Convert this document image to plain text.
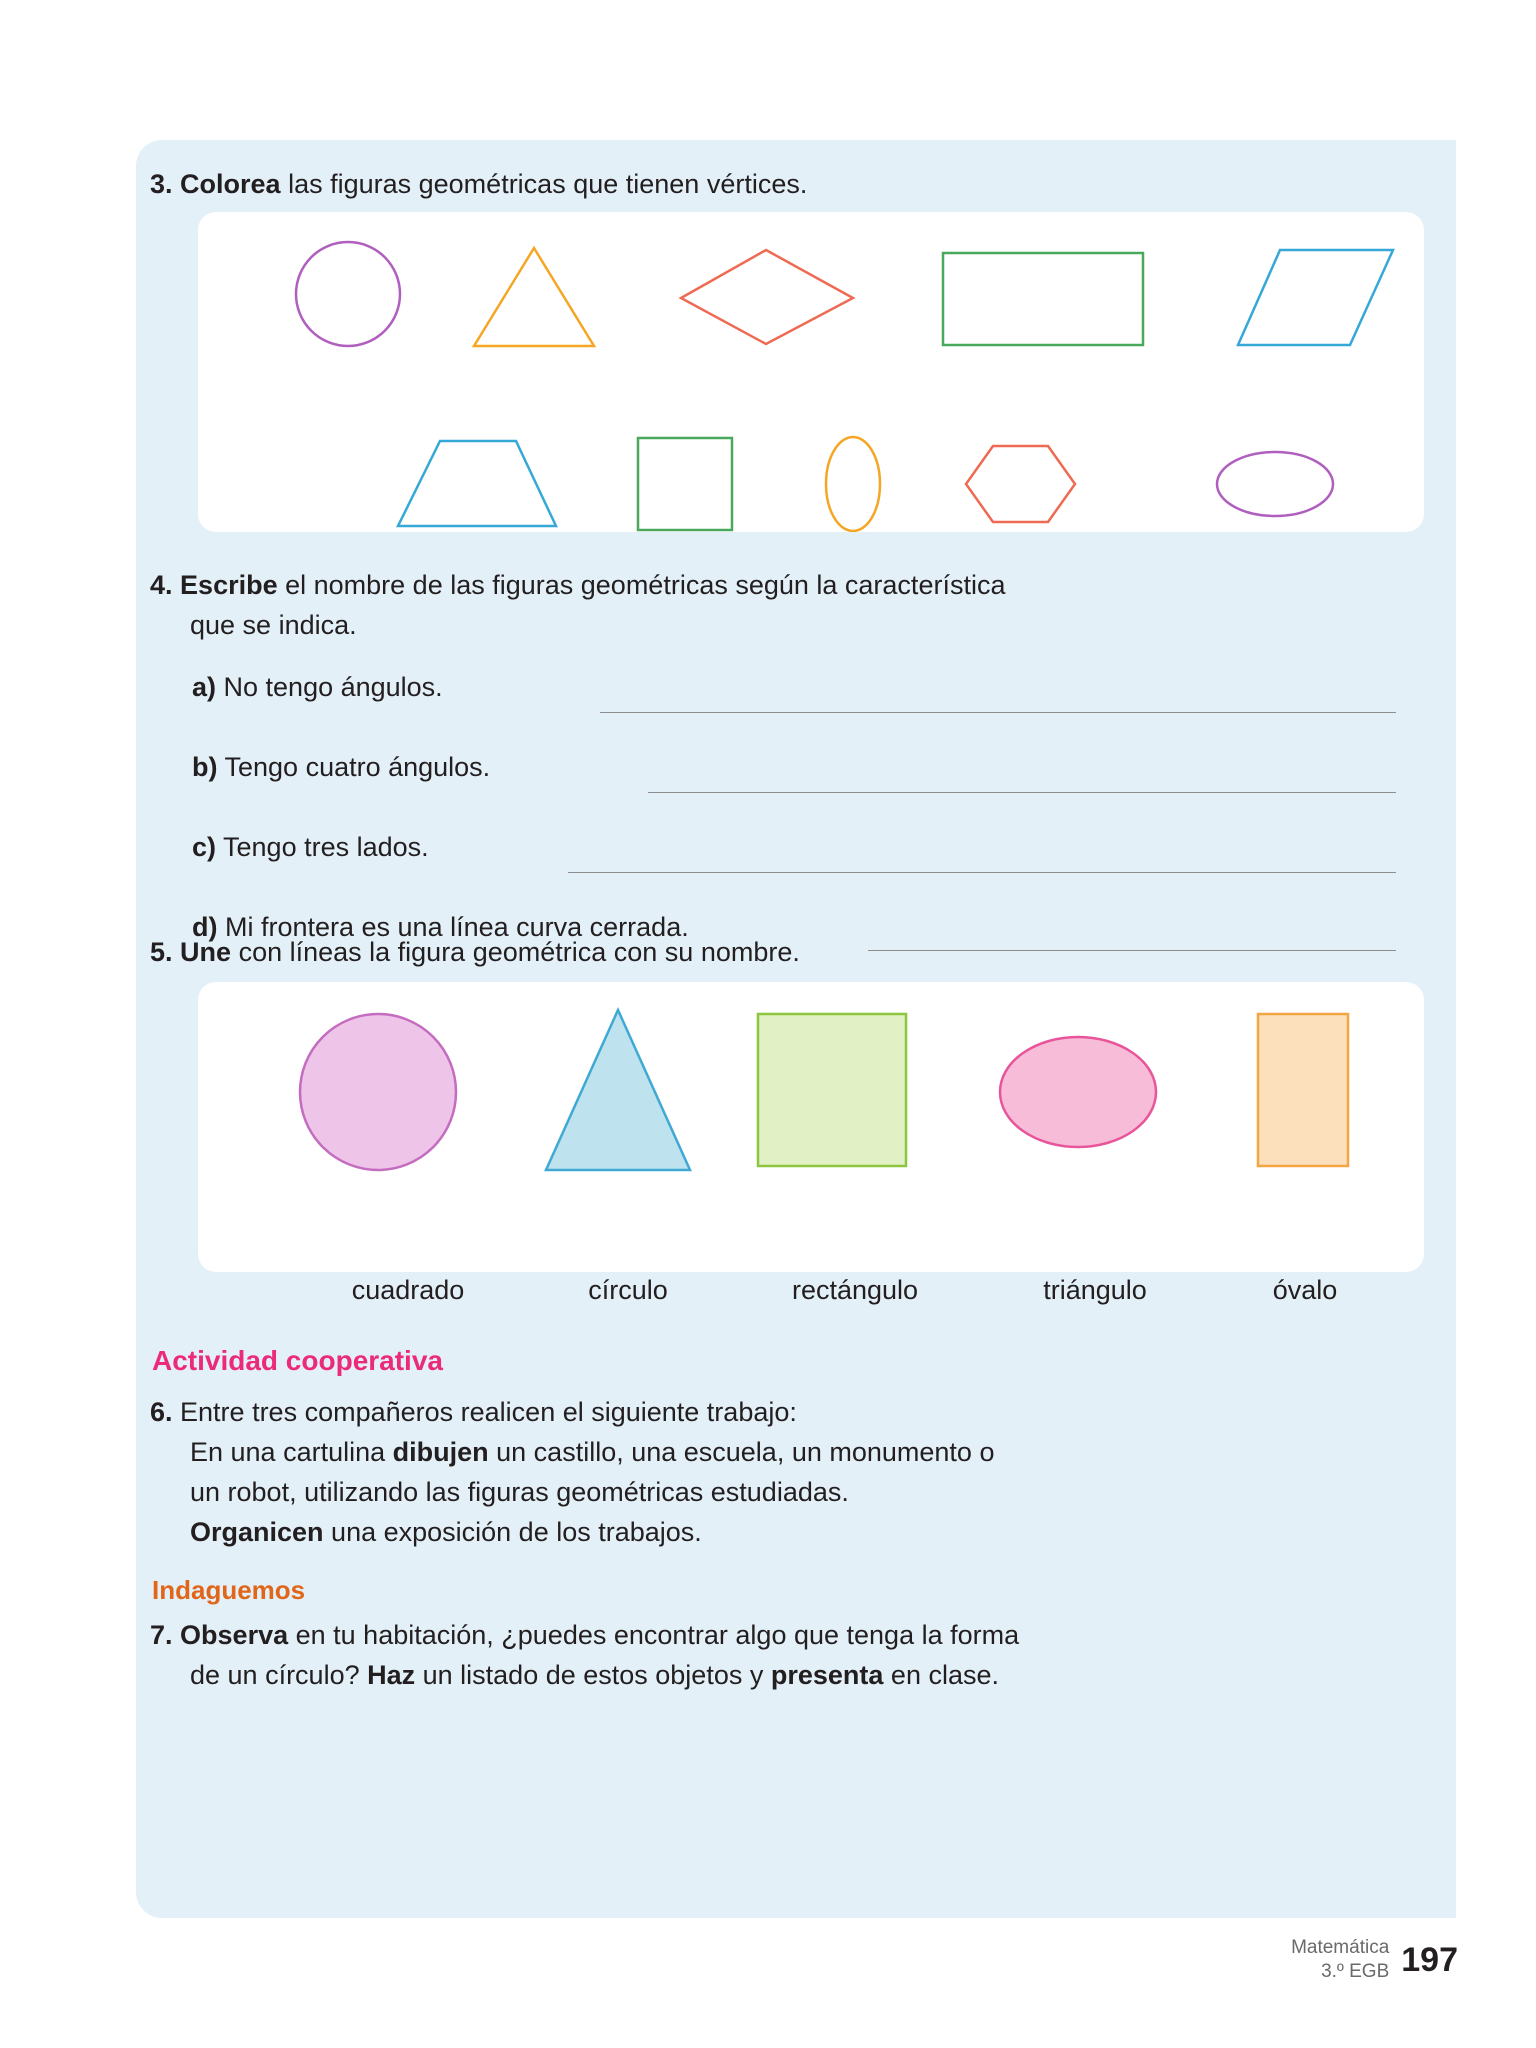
3. Colorea las figuras geométricas que tienen vértices.
4. Escribe el nombre de las figuras geométricas según la característica
que se indica.
a) No tengo ángulos.
b) Tengo cuatro ángulos.
c) Tengo tres lados.
d) Mi frontera es una línea curva cerrada.
5. Une con líneas la figura geométrica con su nombre.
cuadrado	círculo	rectángulo	triángulo	óvalo
Actividad cooperativa
6. Entre tres compañeros realicen el siguiente trabajo:
En una cartulina dibujen un castillo, una escuela, un monumento o
un robot, utilizando las figuras geométricas estudiadas.
Organicen una exposición de los trabajos.
Indaguemos
7. Observa en tu habitación, ¿puedes encontrar algo que tenga la forma
de un círculo? Haz un listado de estos objetos y presenta en clase.
Matemática
3.º EGB 197
